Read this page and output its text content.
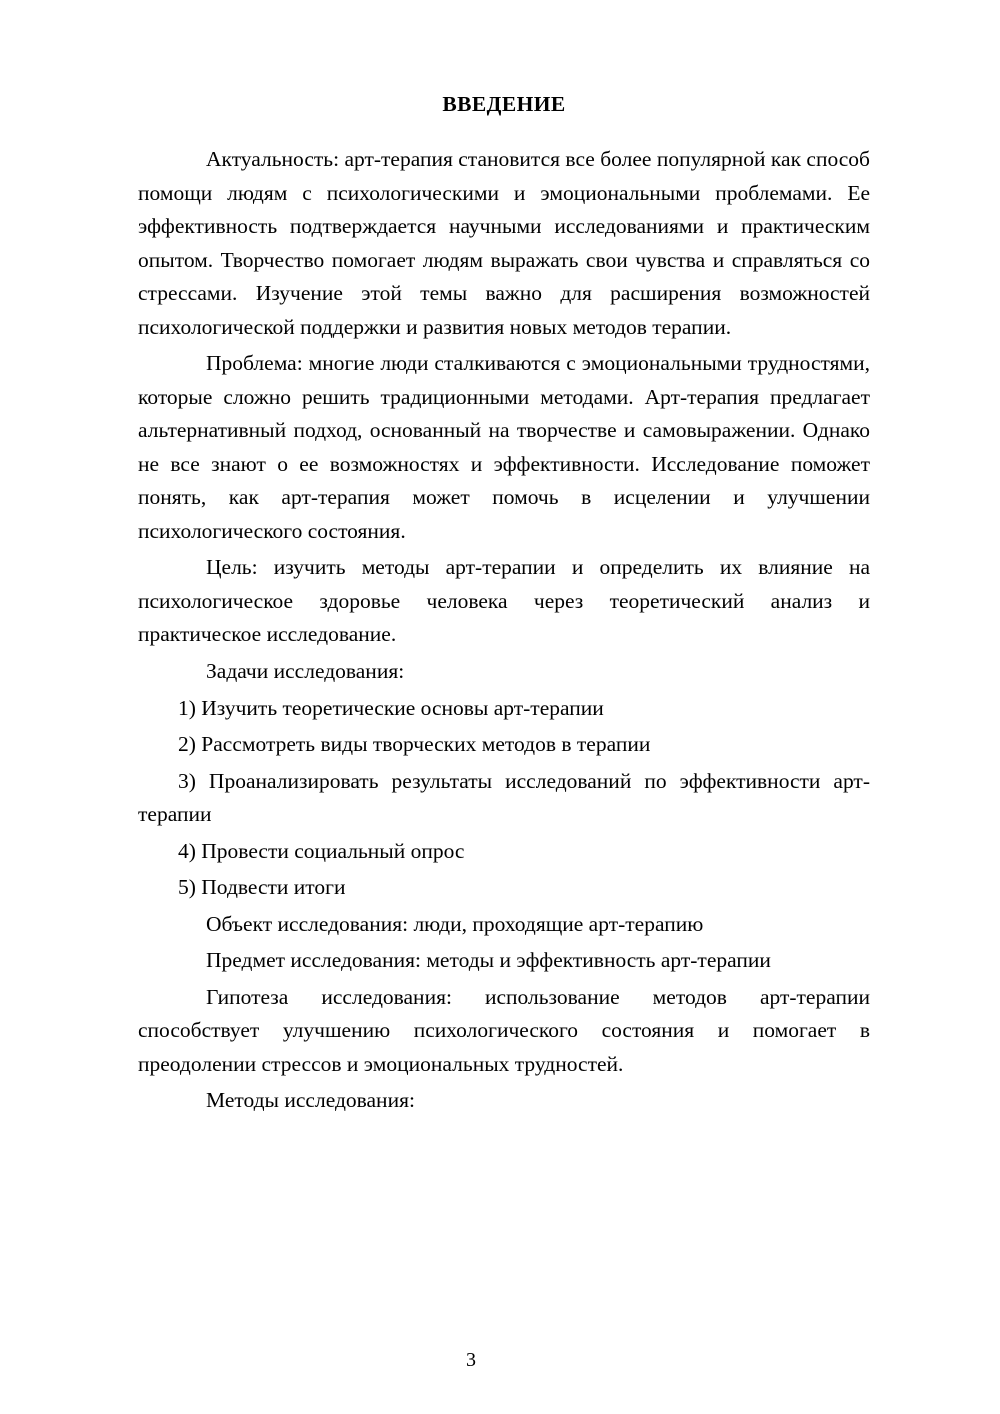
ВВЕДЕНИЕ

Актуальность: арт-терапия становится все более популярной как способ помощи людям с психологическими и эмоциональными проблемами. Ее эффективность подтверждается научными исследованиями и практическим опытом. Творчество помогает людям выражать свои чувства и справляться со стрессами. Изучение этой темы важно для расширения возможностей психологической поддержки и развития новых методов терапии.

Проблема: многие люди сталкиваются с эмоциональными трудностями, которые сложно решить традиционными методами. Арт-терапия предлагает альтернативный подход, основанный на творчестве и самовыражении. Однако не все знают о ее возможностях и эффективности. Исследование поможет понять, как арт-терапия может помочь в исцелении и улучшении психологического состояния.

Цель: изучить методы арт-терапии и определить их влияние на психологическое здоровье человека через теоретический анализ и практическое исследование.

Задачи исследования:

1) Изучить теоретические основы арт-терапии

2) Рассмотреть виды творческих методов в терапии

3) Проанализировать результаты исследований по эффективности арт-терапии

4) Провести социальный опрос

5) Подвести итоги

Объект исследования: люди, проходящие арт-терапию

Предмет исследования: методы и эффективность арт-терапии

Гипотеза исследования: использование методов арт-терапии способствует улучшению психологического состояния и помогает в преодолении стрессов и эмоциональных трудностей.

Методы исследования:

3
